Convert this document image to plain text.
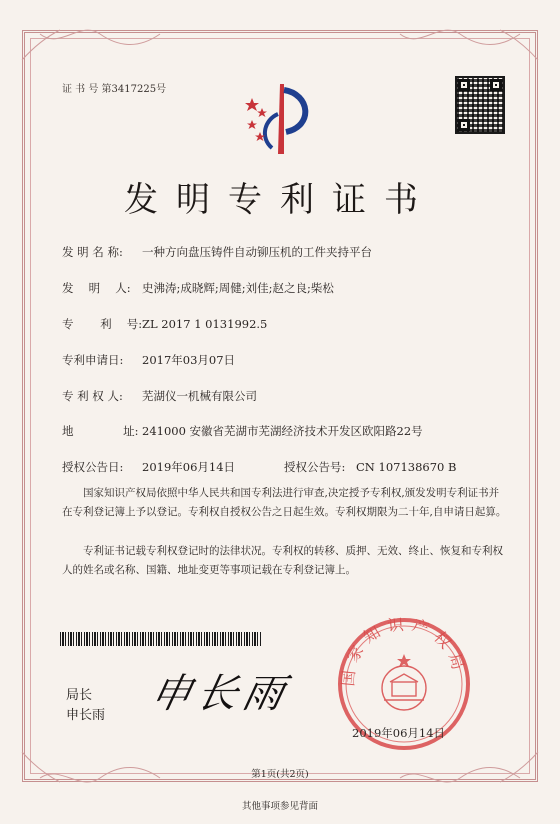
证 书 号 第3417225号
发明专利证书
发 明 名 称: 一种方向盘压铸件自动铆压机的工件夹持平台
发　 明　 人: 史沸涛;成晓辉;周健;刘佳;赵之良;柴松
专　　 利　 号:ZL 2017 1 0131992.5
专利申请日: 2017年03月07日
专 利 权 人: 芜湖仪一机械有限公司
地　　　　 址: 241000 安徽省芜湖市芜湖经济技术开发区欧阳路22号
授权公告日: 2019年06月14日	授权公告号: CN 107138670 B
国家知识产权局依照中华人民共和国专利法进行审查,决定授予专利权,颁发发明专利证书并在专利登记簿上予以登记。专利权自授权公告之日起生效。专利权期限为二十年,自申请日起算。
专利证书记载专利权登记时的法律状况。专利权的转移、质押、无效、终止、恢复和专利权人的姓名或名称、国籍、地址变更等事项记载在专利登记簿上。
局长
申长雨 申长雨	国家知识产权局
2019年06月14日
第1页(共2页)
其他事项参见背面
